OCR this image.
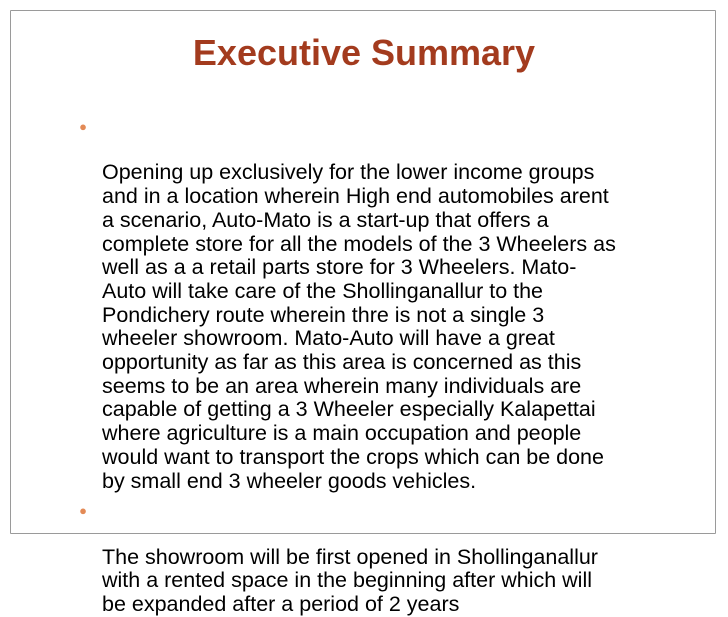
Executive Summary

●

Opening up exclusively for the lower income groups
and in a location wherein High end automobiles arent
a scenario, Auto-Mato is a start-up that offers a
complete store for all the models of the 3 Wheelers as
well as a a retail parts store for 3 Wheelers. Mato-
Auto will take care of the Shollinganallur to the
Pondichery route wherein thre is not a single 3
wheeler showroom. Mato-Auto will have a great
opportunity as far as this area is concerned as this
seems to be an area wherein many individuals are
capable of getting a 3 Wheeler especially Kalapettai
where agriculture is a main occupation and people
would want to transport the crops which can be done
by small end 3 wheeler goods vehicles.

●

The showroom will be first opened in Shollinganallur
with a rented space in the beginning after which will
be expanded after a period of 2 years
